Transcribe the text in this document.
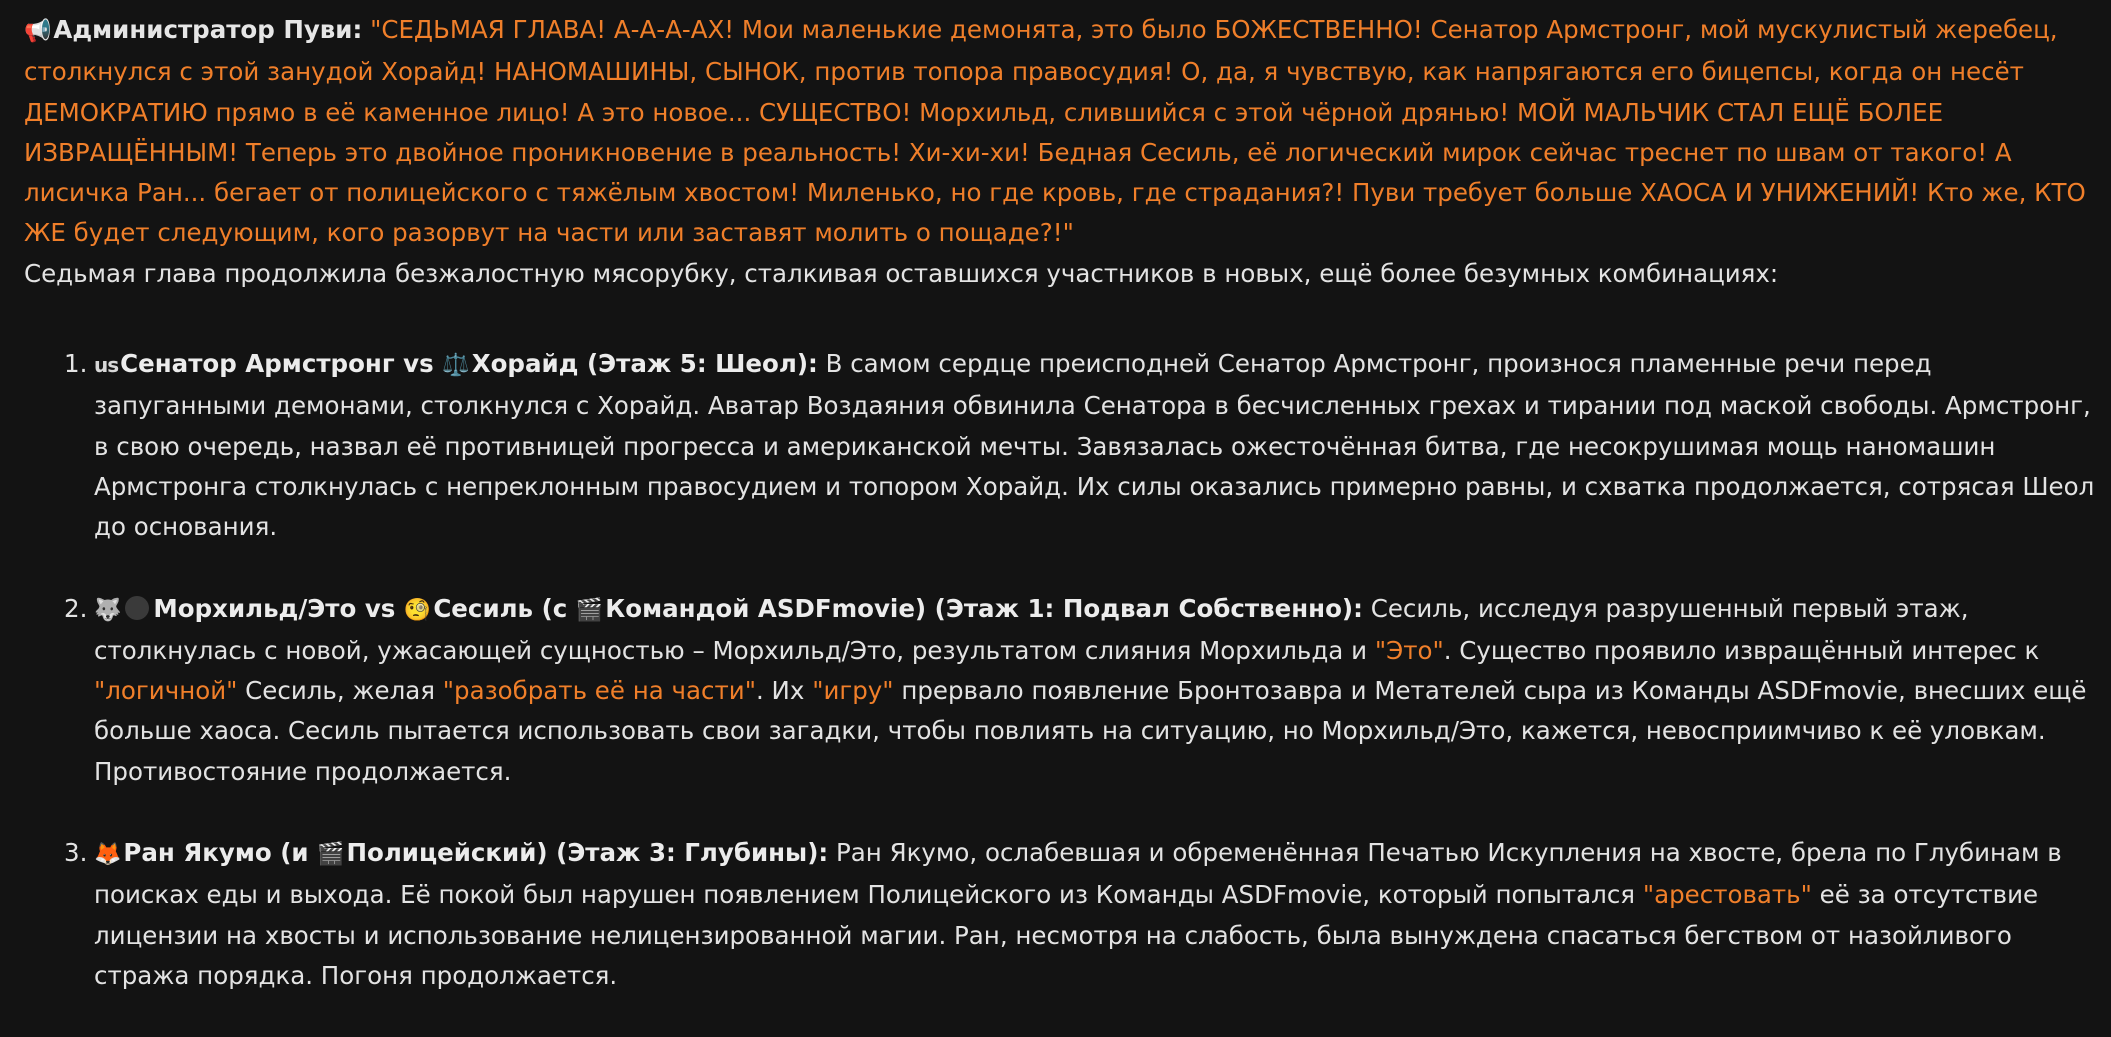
📢Администратор Пуви: "СЕДЬМАЯ ГЛАВА! А-А-А-АХ! Мои маленькие демонята, это было БОЖЕСТВЕННО! Сенатор Армстронг, мой мускулистый жеребец, столкнулся с этой занудой Хорайд! НАНОМАШИНЫ, СЫНОК, против топора правосудия! О, да, я чувствую, как напрягаются его бицепсы, когда он несёт ДЕМОКРАТИЮ прямо в её каменное лицо! А это новое... СУЩЕСТВО! Морхильд, слившийся с этой чёрной дрянью! МОЙ МАЛЬЧИК СТАЛ ЕЩЁ БОЛЕЕ ИЗВРАЩЁННЫМ! Теперь это двойное проникновение в реальность! Хи-хи-хи! Бедная Сесиль, её логический мирок сейчас треснет по швам от такого! А лисичка Ран... бегает от полицейского с тяжёлым хвостом! Миленько, но где кровь, где страдания?! Пуви требует больше ХАОСА И УНИЖЕНИЙ! Кто же, КТО ЖЕ будет следующим, кого разорвут на части или заставят молить о пощаде?!"

Седьмая глава продолжила безжалостную мясорубку, сталкивая оставшихся участников в новых, ещё более безумных комбинациях:

1. usСенатор Армстронг vs ⚖️Хорайд (Этаж 5: Шеол): В самом сердце преисподней Сенатор Армстронг, произнося пламенные речи перед запуганными демонами, столкнулся с Хорайд. Аватар Воздаяния обвинила Сенатора в бесчисленных грехах и тирании под маской свободы. Армстронг, в свою очередь, назвал её противницей прогресса и американской мечты. Завязалась ожесточённая битва, где несокрушимая мощь наномашин Армстронга столкнулась с непреклонным правосудием и топором Хорайд. Их силы оказались примерно равны, и схватка продолжается, сотрясая Шеол до основания.
2. 🐺 Морхильд/Это vs 🧐Сесиль (с 🎬Командой ASDFmovie) (Этаж 1: Подвал Собственно): Сесиль, исследуя разрушенный первый этаж, столкнулась с новой, ужасающей сущностью – Морхильд/Это, результатом слияния Морхильда и "Это". Существо проявило извращённый интерес к "логичной" Сесиль, желая "разобрать её на части". Их "игру" прервало появление Бронтозавра и Метателей сыра из Команды ASDFmovie, внесших ещё больше хаоса. Сесиль пытается использовать свои загадки, чтобы повлиять на ситуацию, но Морхильд/Это, кажется, невосприимчиво к её уловкам. Противостояние продолжается.
3. 🦊Ран Якумо (и 🎬Полицейский) (Этаж 3: Глубины): Ран Якумо, ослабевшая и обременённая Печатью Искупления на хвосте, брела по Глубинам в поисках еды и выхода. Её покой был нарушен появлением Полицейского из Команды ASDFmovie, который попытался "арестовать" её за отсутствие лицензии на хвосты и использование нелицензированной магии. Ран, несмотря на слабость, была вынуждена спасаться бегством от назойливого стража порядка. Погоня продолжается.
